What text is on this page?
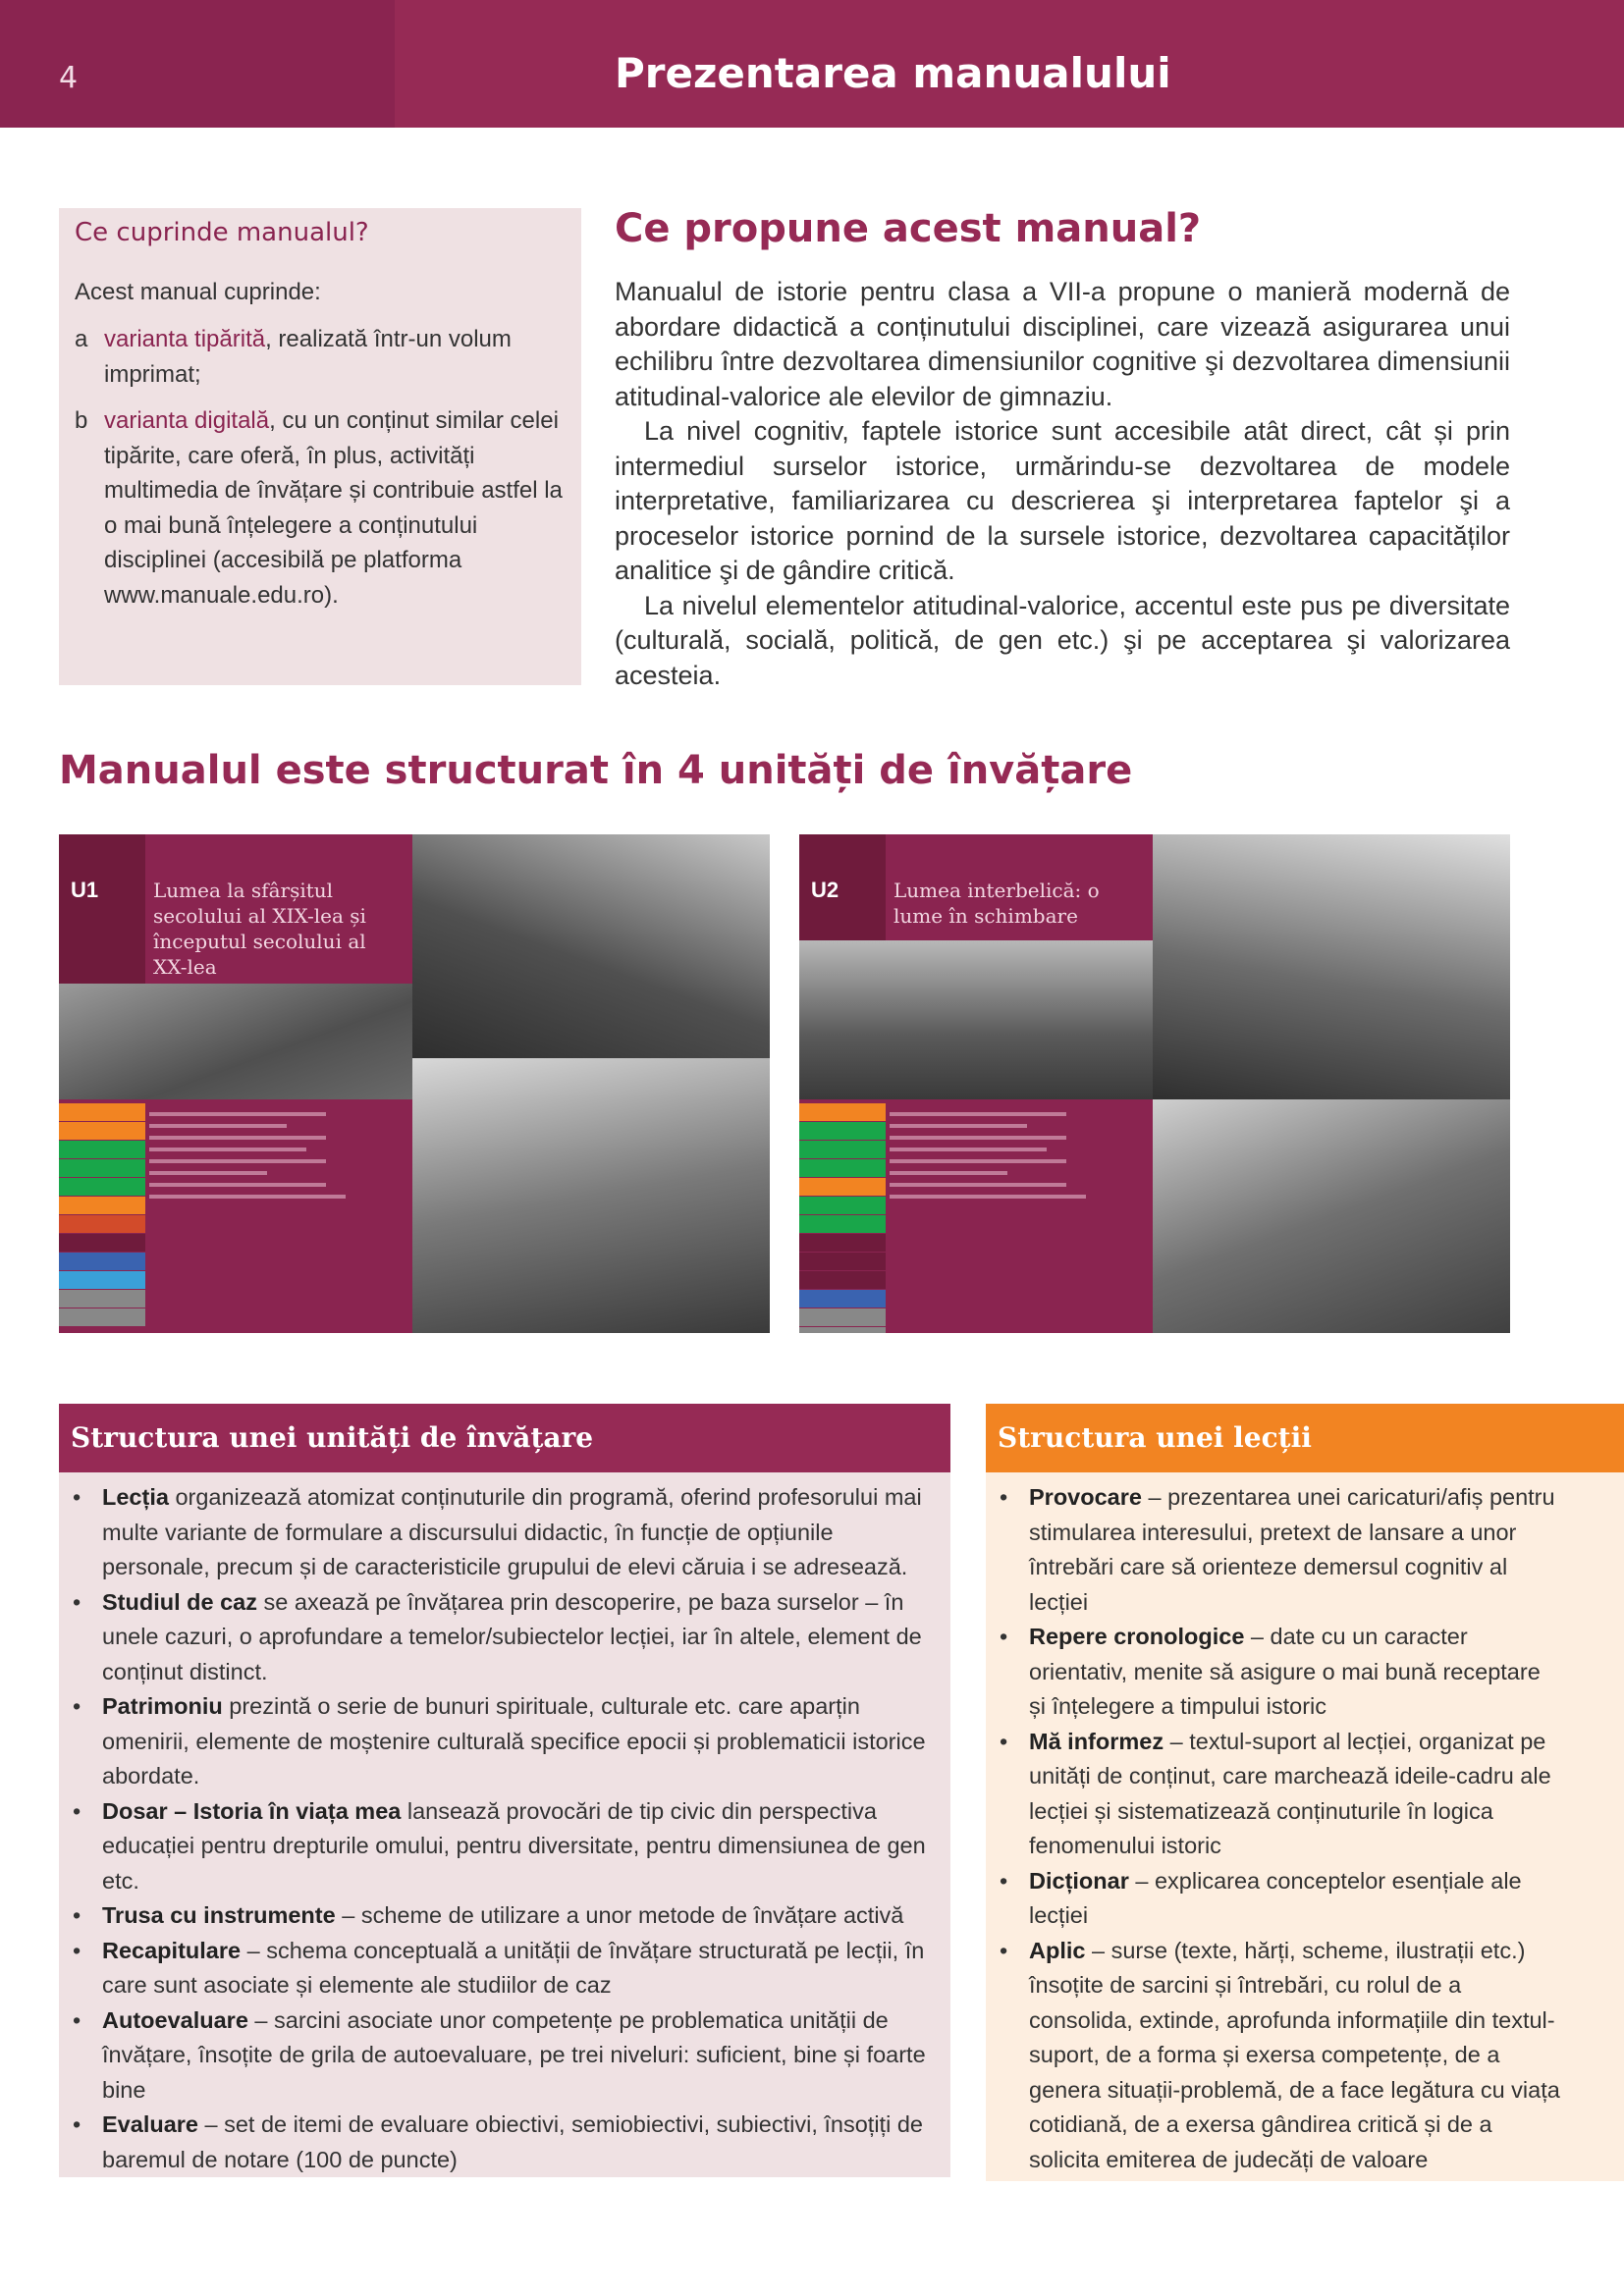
4	Prezentarea manualului
Ce cuprinde manualul?
Acest manual cuprinde:
a varianta tipărită, realizată într-un volum imprimat;
b varianta digitală, cu un conținut similar celei tipărite, care oferă, în plus, activități multimedia de învățare și contribuie astfel la o mai bună înțelegere a conținutului disciplinei (accesibilă pe platforma www.manuale.edu.ro).
Ce propune acest manual?

Manualul de istorie pentru clasa a VII-a propune o manieră modernă de abordare didactică a conținutului disciplinei, care vizează asigurarea unui echilibru între dezvoltarea dimensiunilor cognitive şi dezvoltarea dimensiunii atitudinal-valorice ale elevilor de gimnaziu.

La nivel cognitiv, faptele istorice sunt accesibile atât direct, cât și prin intermediul surselor istorice, urmărindu-se dezvoltarea de modele interpretative, familiarizarea cu descrierea şi interpretarea faptelor şi a proceselor istorice pornind de la sursele istorice, dezvoltarea capacităților analitice şi de gândire critică.

La nivelul elementelor atitudinal-valorice, accentul este pus pe diversitate (culturală, socială, politică, de gen etc.) şi pe acceptarea şi valorizarea acesteia.

Manualul este structurat în 4 unități de învățare
U1	Lumea la sfârșitul secolului al XIX-lea și începutul secolului al XX-lea
U2	Lumea interbelică: o lume în schimbare
Structura unei unități de învățare
• Lecția organizează atomizat conținuturile din programă, oferind profesorului mai multe variante de formulare a discursului didactic, în funcție de opțiunile personale, precum și de caracteristicile grupului de elevi căruia i se adresează.
• Studiul de caz se axează pe învățarea prin descoperire, pe baza surselor – în unele cazuri, o aprofundare a temelor/subiectelor lecției, iar în altele, element de conținut distinct.
• Patrimoniu prezintă o serie de bunuri spirituale, culturale etc. care aparțin omenirii, elemente de moștenire culturală specifice epocii și problematicii istorice abordate.
• Dosar – Istoria în viața mea lansează provocări de tip civic din perspectiva educației pentru drepturile omului, pentru diversitate, pentru dimensiunea de gen etc.
• Trusa cu instrumente – scheme de utilizare a unor metode de învățare activă
• Recapitulare – schema conceptuală a unității de învățare structurată pe lecții, în care sunt asociate și elemente ale studiilor de caz
• Autoevaluare – sarcini asociate unor competențe pe problematica unității de învățare, însoțite de grila de autoevaluare, pe trei niveluri: suficient, bine și foarte bine
• Evaluare – set de itemi de evaluare obiectivi, semiobiectivi, subiectivi, însoțiți de baremul de notare (100 de puncte)
Structura unei lecții
• Provocare – prezentarea unei caricaturi/afiș pentru stimularea interesului, pretext de lansare a unor întrebări care să orienteze demersul cognitiv al lecției
• Repere cronologice – date cu un caracter orientativ, menite să asigure o mai bună receptare și înțelegere a timpului istoric
• Mă informez – textul-suport al lecției, organizat pe unități de conținut, care marchează ideile-cadru ale lecției și sistematizează conținuturile în logica fenomenului istoric
• Dicționar – explicarea conceptelor esențiale ale lecției
• Aplic – surse (texte, hărți, scheme, ilustrații etc.) însoțite de sarcini și întrebări, cu rolul de a consolida, extinde, aprofunda informațiile din textul-suport, de a forma și exersa competențe, de a genera situații-problemă, de a face legătura cu viața cotidiană, de a exersa gândirea critică și de a solicita emiterea de judecăți de valoare
